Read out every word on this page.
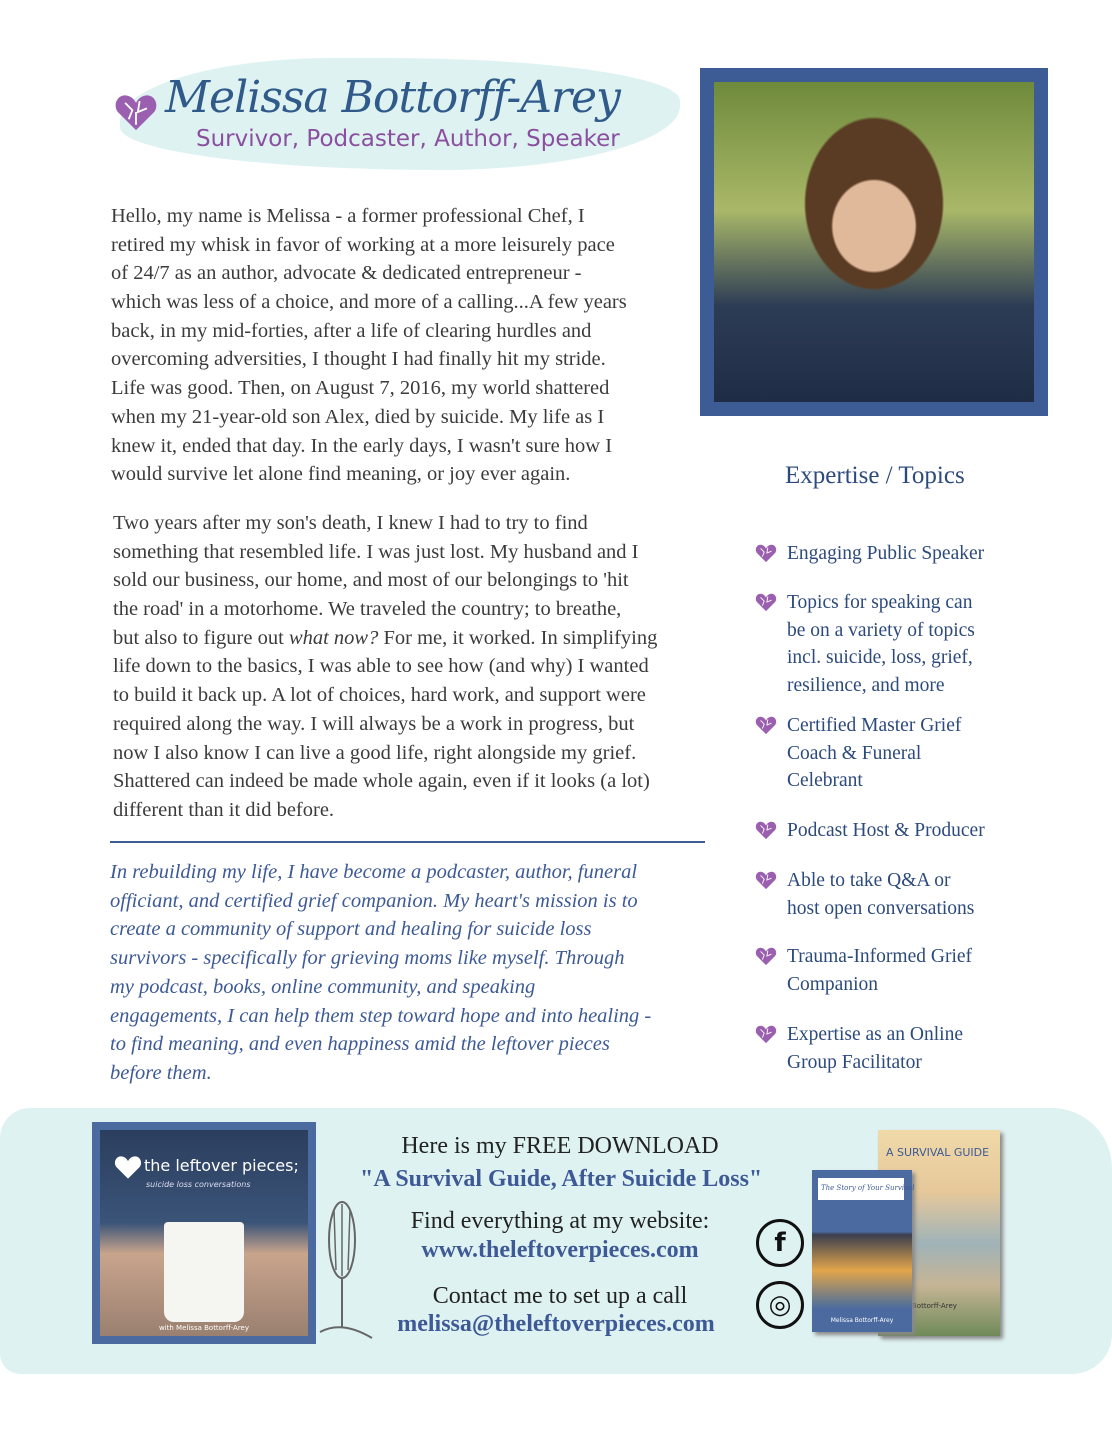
Melissa Bottorff-Arey
Survivor, Podcaster, Author, Speaker
Hello, my name is Melissa - a former professional Chef, I
retired my whisk in favor of working at a more leisurely pace
of 24/7 as an author, advocate & dedicated entrepreneur -
which was less of a choice, and more of a calling...A few years
back, in my mid-forties, after a life of clearing hurdles and
overcoming adversities, I thought I had finally hit my stride.
Life was good. Then, on August 7, 2016, my world shattered
when my 21-year-old son Alex, died by suicide. My life as I
knew it, ended that day. In the early days, I wasn't sure how I
would survive let alone find meaning, or joy ever again.
Two years after my son's death, I knew I had to try to find
something that resembled life. I was just lost. My husband and I
sold our business, our home, and most of our belongings to 'hit
the road' in a motorhome. We traveled the country; to breathe,
but also to figure out what now? For me, it worked. In simplifying
life down to the basics, I was able to see how (and why) I wanted
to build it back up. A lot of choices, hard work, and support were
required along the way. I will always be a work in progress, but
now I also know I can live a good life, right alongside my grief.
Shattered can indeed be made whole again, even if it looks (a lot)
different than it did before.
In rebuilding my life, I have become a podcaster, author, funeral
officiant, and certified grief companion. My heart's mission is to
create a community of support and healing for suicide loss
survivors - specifically for grieving moms like myself. Through
my podcast, books, online community, and speaking
engagements, I can help them step toward hope and into healing -
to find meaning, and even happiness amid the leftover pieces
before them.
Expertise / Topics
Engaging Public Speaker
Topics for speaking can
be on a variety of topics
incl. suicide, loss, grief,
resilience, and more
Certified Master Grief
Coach & Funeral
Celebrant
Podcast Host & Producer
Able to take Q&A or
host open conversations
Trauma-Informed Grief
Companion
Expertise as an Online
Group Facilitator
the leftover pieces;
suicide loss conversations
with Melissa Bottorff-Arey
Here is my FREE DOWNLOAD
"A Survival Guide, After Suicide Loss"
Find everything at my website:
www.theleftoverpieces.com
Contact me to set up a call
melissa@theleftoverpieces.com
f
◎
A SURVIVAL GUIDE
Bottorff-Arey
The Story of Your Survival
Melissa Bottorff-Arey
